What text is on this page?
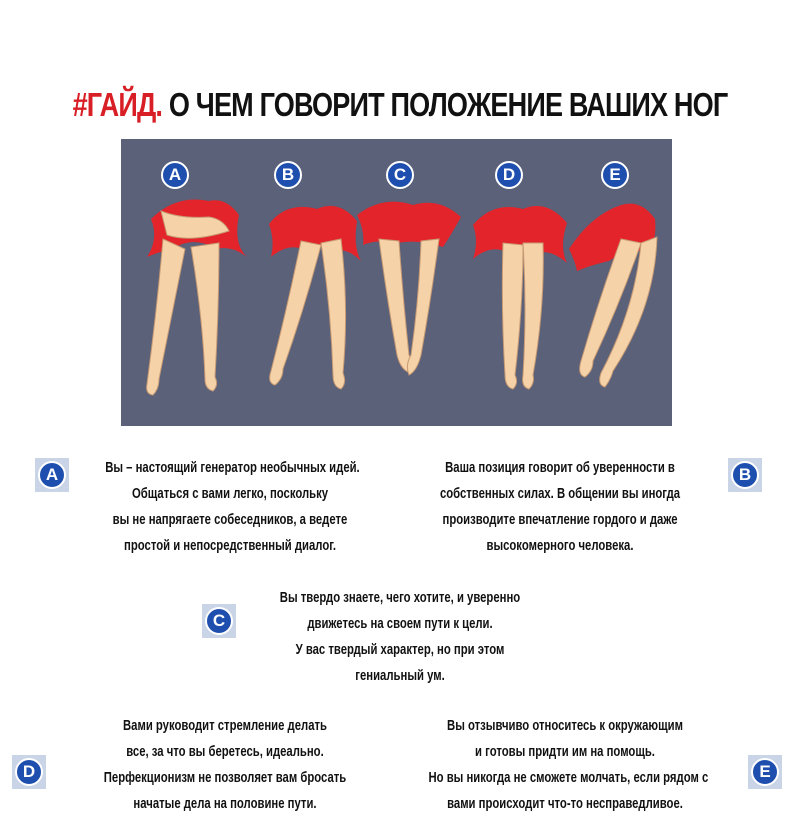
#ГАЙД. О ЧЕМ ГОВОРИТ ПОЛОЖЕНИЕ ВАШИХ НОГ
A	B	C	D	E
A	Вы – настоящий генератор необычных идей.
Общаться с вами легко, поскольку
вы не напрягаете собеседников, а ведете
простой и непосредственный диалог.
Ваша позиция говорит об уверенности в
собственных силах. В общении вы иногда
производите впечатление гордого и даже
высокомерного человека.
B
C
Вы твердо знаете, чего хотите, и уверенно
движетесь на своем пути к цели.
У вас твердый характер, но при этом
гениальный ум.
Вами руководит стремление делать
все, за что вы беретесь, идеально.
Перфекционизм не позволяет вам бросать
начатые дела на половине пути.
D
Вы отзывчиво относитесь к окружающим
и готовы придти им на помощь.
Но вы никогда не сможете молчать, если рядом с
вами происходит что-то несправедливое.
E
